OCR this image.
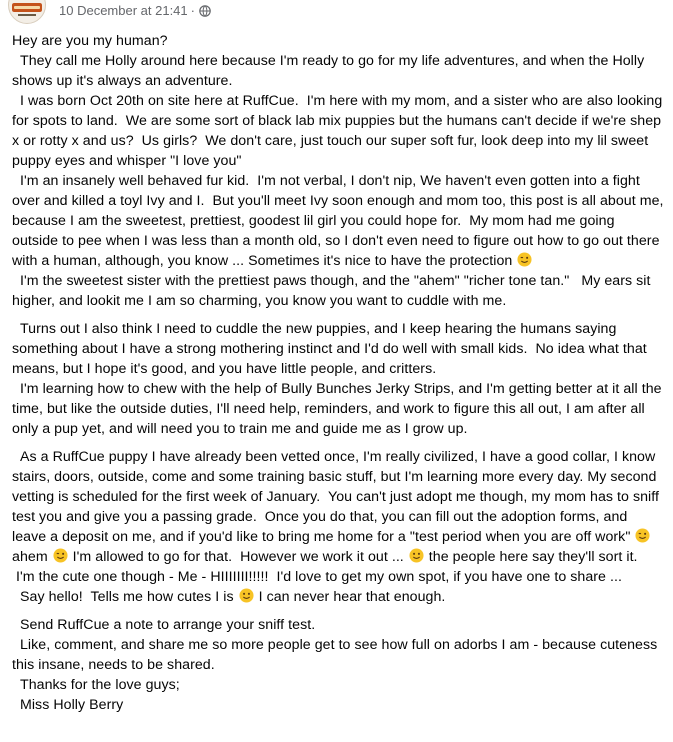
10 December at 21:41 ·

Hey are you my human?

They call me Holly around here because I'm ready to go for my life adventures, and when the Holly shows up it's always an adventure.

I was born Oct 20th on site here at RuffCue.  I'm here with my mom, and a sister who are also looking for spots to land.  We are some sort of black lab mix puppies but the humans can't decide if we're shep x or rotty x and us?  Us girls?  We don't care, just touch our super soft fur, look deep into my lil sweet puppy eyes and whisper "I love you"

I'm an insanely well behaved fur kid.  I'm not verbal, I don't nip, We haven't even gotten into a fight over and killed a toyl Ivy and I.  But you'll meet Ivy soon enough and mom too, this post is all about me, because I am the sweetest, prettiest, goodest lil girl you could hope for.  My mom had me going outside to pee when I was less than a month old, so I don't even need to figure out how to go out there with a human, although, you know ... Sometimes it's nice to have the protection

I'm the sweetest sister with the prettiest paws though, and the "ahem" "richer tone tan."   My ears sit higher, and lookit me I am so charming, you know you want to cuddle with me.

Turns out I also think I need to cuddle the new puppies, and I keep hearing the humans saying something about I have a strong mothering instinct and I'd do well with small kids.  No idea what that means, but I hope it's good, and you have little people, and critters.

I'm learning how to chew with the help of Bully Bunches Jerky Strips, and I'm getting better at it all the time, but like the outside duties, I'll need help, reminders, and work to figure this all out, I am after all only a pup yet, and will need you to train me and guide me as I grow up.

As a RuffCue puppy I have already been vetted once, I'm really civilized, I have a good collar, I know stairs, doors, outside, come and some training basic stuff, but I'm learning more every day. My second vetting is scheduled for the first week of January.  You can't just adopt me though, my mom has to sniff test you and give you a passing grade.  Once you do that, you can fill out the adoption forms, and leave a deposit on me, and if you'd like to bring me home for a "test period when you are off work"  ahem  I'm allowed to go for that.  However we work it out ...  the people here say they'll sort it.

I'm the cute one though - Me - HIIIIIII!!!!!  I'd love to get my own spot, if you have one to share ...

Say hello!  Tells me how cutes I is  I can never hear that enough.

Send RuffCue a note to arrange your sniff test.

Like, comment, and share me so more people get to see how full on adorbs I am - because cuteness this insane, needs to be shared.

Thanks for the love guys;

Miss Holly Berry
